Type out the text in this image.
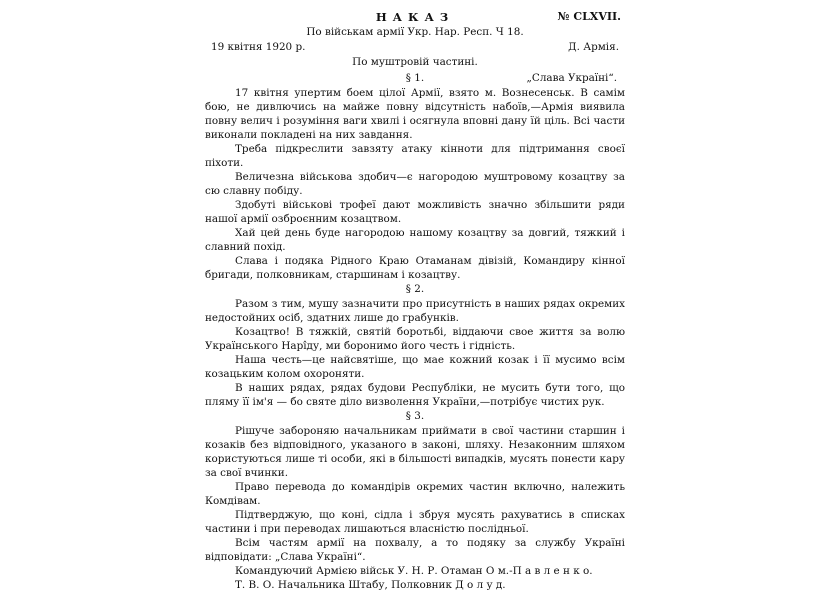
НАКАЗ	№ CLXVII.
По військам армії Укр. Нар. Респ. Ч 18.
19 квітня 1920 р.	Д. Армія.
По муштровій частині.
§ 1.	„Слава Україні“.

17 квітня упертим боем цілої Армії, взято м. Вознесенськ. В самім бою, не дивлючись на майже повну відсутність набоїв,—Армія виявила повну велич і розуміння ваги хвилі і осягнула вповні дану їй ціль. Всі части виконали покладені на них завдання.

Треба підкреслити завзяту атаку кінноти для підтримання своєї піхоти.

Величезна військова здобич—є нагородою муштровому козацтву за сю славну побіду.

Здобуті військові трофеї дают можливість значно збільшити ряди нашої армії озброєнним козацтвом.

Хай цей день буде нагородою нашому козацтву за довгий, тяжкий і славний похід.

Слава і подяка Рідного Краю Отаманам дівізій, Командиру кінної бригади, полковникам, старшинам і козацтву.

§ 2.

Разом з тим, мушу зазначити про присутність в наших рядах окремих недостойних осіб, здатних лише до грабунків.

Козацтво! В тяжкій, святій боротьбі, віддаючи свое життя за волю Українського Нарîду, ми боронимо його честь і гідність.

Наша честь—це найсвятіше, що мае кожний козак і її мусимо всім козацьким колом охороняти.

В наших рядах, рядах будови Республіки, не мусить бути того, що пляму її ім'я — бо святе діло визволення України,—потрібує чистих рук.

§ 3.

Рішуче забороняю начальникам приймати в свої частини старшин і козаків без відповідного, указаного в законі, шляху. Незаконним шляхом користуються лише ті особи, які в більшості випадків, мусять понести кару за свої вчинки.

Право перевода до командірів окремих частин включно, належить Комдівам.

Підтверджую, що коні, сідла і збруя мусять рахуватись в списках частини і при переводах лишаються власністю послідньої.

Всім частям армії на похвалу, а то подяку за службу Україні відповідати: „Слава Україні“.

Командуючий Армією військ У. Н. Р. Отаман О м.-П а в л е н к о.

Т. В. О. Начальника Штабу, Полковник Д о л у д.
